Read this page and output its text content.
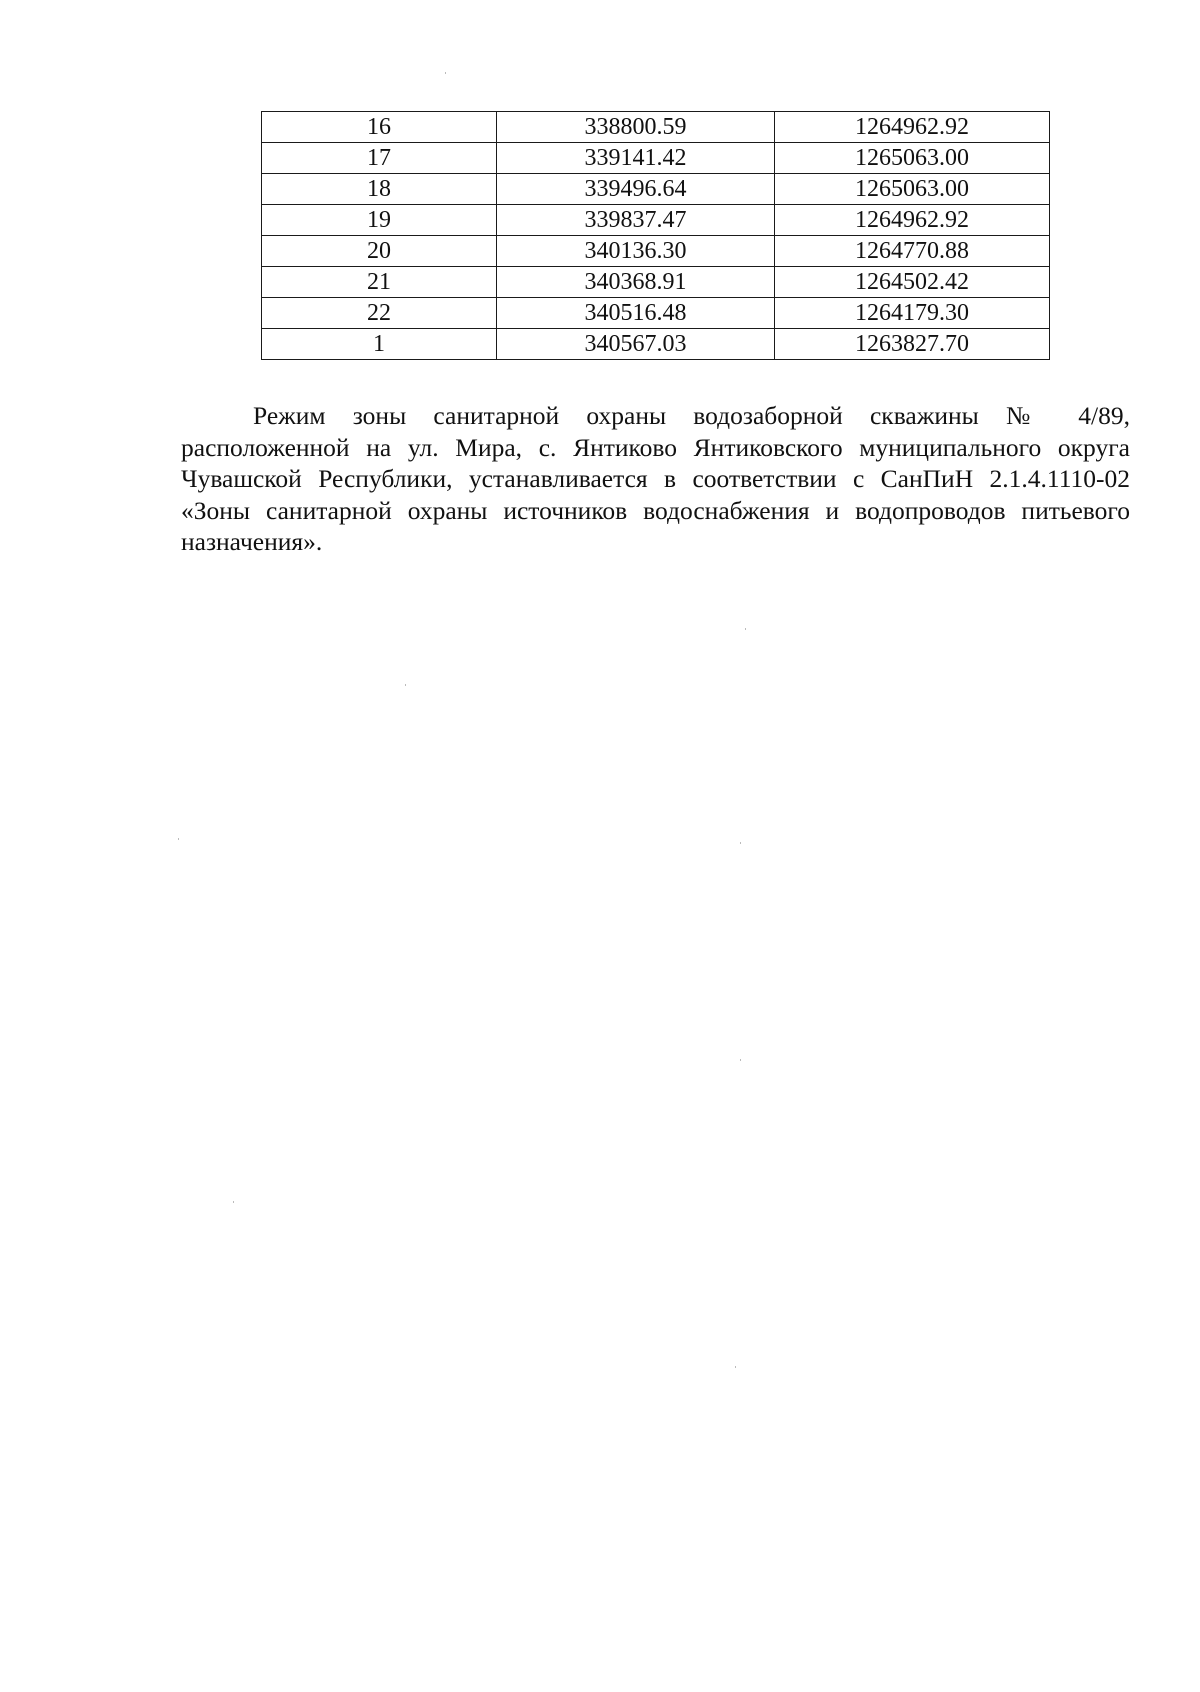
16	338800.59	1264962.92
17	339141.42	1265063.00
18	339496.64	1265063.00
19	339837.47	1264962.92
20	340136.30	1264770.88
21	340368.91	1264502.42
22	340516.48	1264179.30
1	340567.03	1263827.70

Режим зоны санитарной охраны водозаборной скважины № 4/89, расположенной на ул. Мира, с. Янтиково Янтиковского муниципального округа Чувашской Республики, устанавливается в соответствии с СанПиН 2.1.4.1110-02 «Зоны санитарной охраны источников водоснабжения и водопроводов питьевого назначения».
